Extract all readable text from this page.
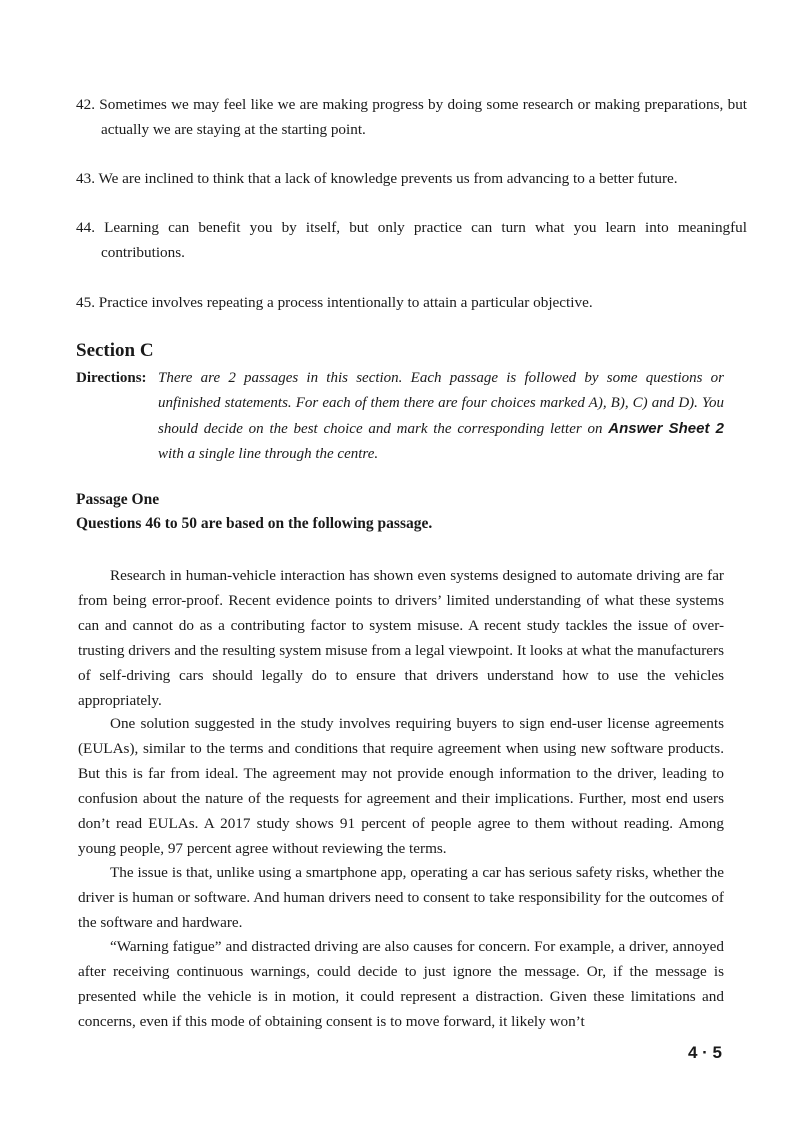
42. Sometimes we may feel like we are making progress by doing some research or making preparations, but actually we are staying at the starting point.
43. We are inclined to think that a lack of knowledge prevents us from advancing to a better future.
44. Learning can benefit you by itself, but only practice can turn what you learn into meaningful contributions.
45. Practice involves repeating a process intentionally to attain a particular objective.
Section C
Directions: There are 2 passages in this section. Each passage is followed by some questions or unfinished statements. For each of them there are four choices marked A), B), C) and D). You should decide on the best choice and mark the corresponding letter on Answer Sheet 2 with a single line through the centre.
Passage One
Questions 46 to 50 are based on the following passage.
Research in human-vehicle interaction has shown even systems designed to automate driving are far from being error-proof. Recent evidence points to drivers’ limited understanding of what these systems can and cannot do as a contributing factor to system misuse. A recent study tackles the issue of over-trusting drivers and the resulting system misuse from a legal viewpoint. It looks at what the manufacturers of self-driving cars should legally do to ensure that drivers understand how to use the vehicles appropriately.
One solution suggested in the study involves requiring buyers to sign end-user license agreements (EULAs), similar to the terms and conditions that require agreement when using new software products. But this is far from ideal. The agreement may not provide enough information to the driver, leading to confusion about the nature of the requests for agreement and their implications. Further, most end users don’t read EULAs. A 2017 study shows 91 percent of people agree to them without reading. Among young people, 97 percent agree without reviewing the terms.
The issue is that, unlike using a smartphone app, operating a car has serious safety risks, whether the driver is human or software. And human drivers need to consent to take responsibility for the outcomes of the software and hardware.
“Warning fatigue” and distracted driving are also causes for concern. For example, a driver, annoyed after receiving continuous warnings, could decide to just ignore the message. Or, if the message is presented while the vehicle is in motion, it could represent a distraction. Given these limitations and concerns, even if this mode of obtaining consent is to move forward, it likely won’t
4 · 5
